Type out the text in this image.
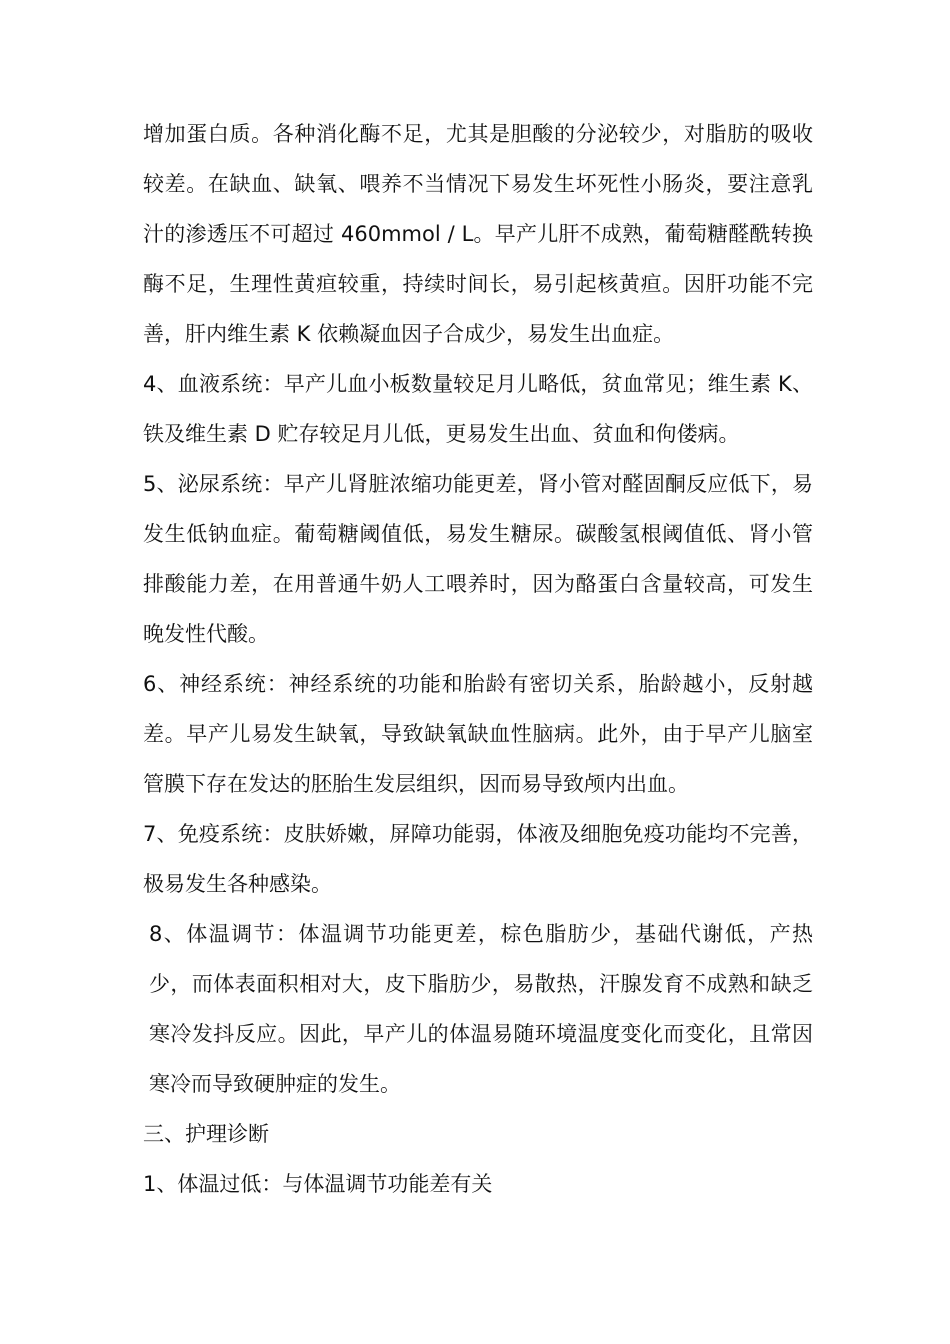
增加蛋白质。各种消化酶不足，尤其是胆酸的分泌较少，对脂肪的吸收较差。在缺血、缺氧、喂养不当情况下易发生坏死性小肠炎，要注意乳汁的渗透压不可超过 460mmol / L。早产儿肝不成熟，葡萄糖醛酰转换酶不足，生理性黄疸较重，持续时间长，易引起核黄疸。因肝功能不完善，肝内维生素 K 依赖凝血因子合成少，易发生出血症。

4、血液系统：早产儿血小板数量较足月儿略低，贫血常见；维生素 K、铁及维生素 D 贮存较足月儿低，更易发生出血、贫血和佝偻病。

5、泌尿系统：早产儿肾脏浓缩功能更差，肾小管对醛固酮反应低下，易发生低钠血症。葡萄糖阈值低，易发生糖尿。碳酸氢根阈值低、肾小管排酸能力差，在用普通牛奶人工喂养时，因为酪蛋白含量较高，可发生晚发性代酸。

6、神经系统：神经系统的功能和胎龄有密切关系，胎龄越小，反射越差。早产儿易发生缺氧，导致缺氧缺血性脑病。此外，由于早产儿脑室管膜下存在发达的胚胎生发层组织，因而易导致颅内出血。

7、免疫系统：皮肤娇嫩，屏障功能弱，体液及细胞免疫功能均不完善，极易发生各种感染。

8、体温调节：体温调节功能更差，棕色脂肪少，基础代谢低，产热少，而体表面积相对大，皮下脂肪少，易散热，汗腺发育不成熟和缺乏寒冷发抖反应。因此，早产儿的体温易随环境温度变化而变化，且常因寒冷而导致硬肿症的发生。

三、护理诊断

1、体温过低：与体温调节功能差有关
